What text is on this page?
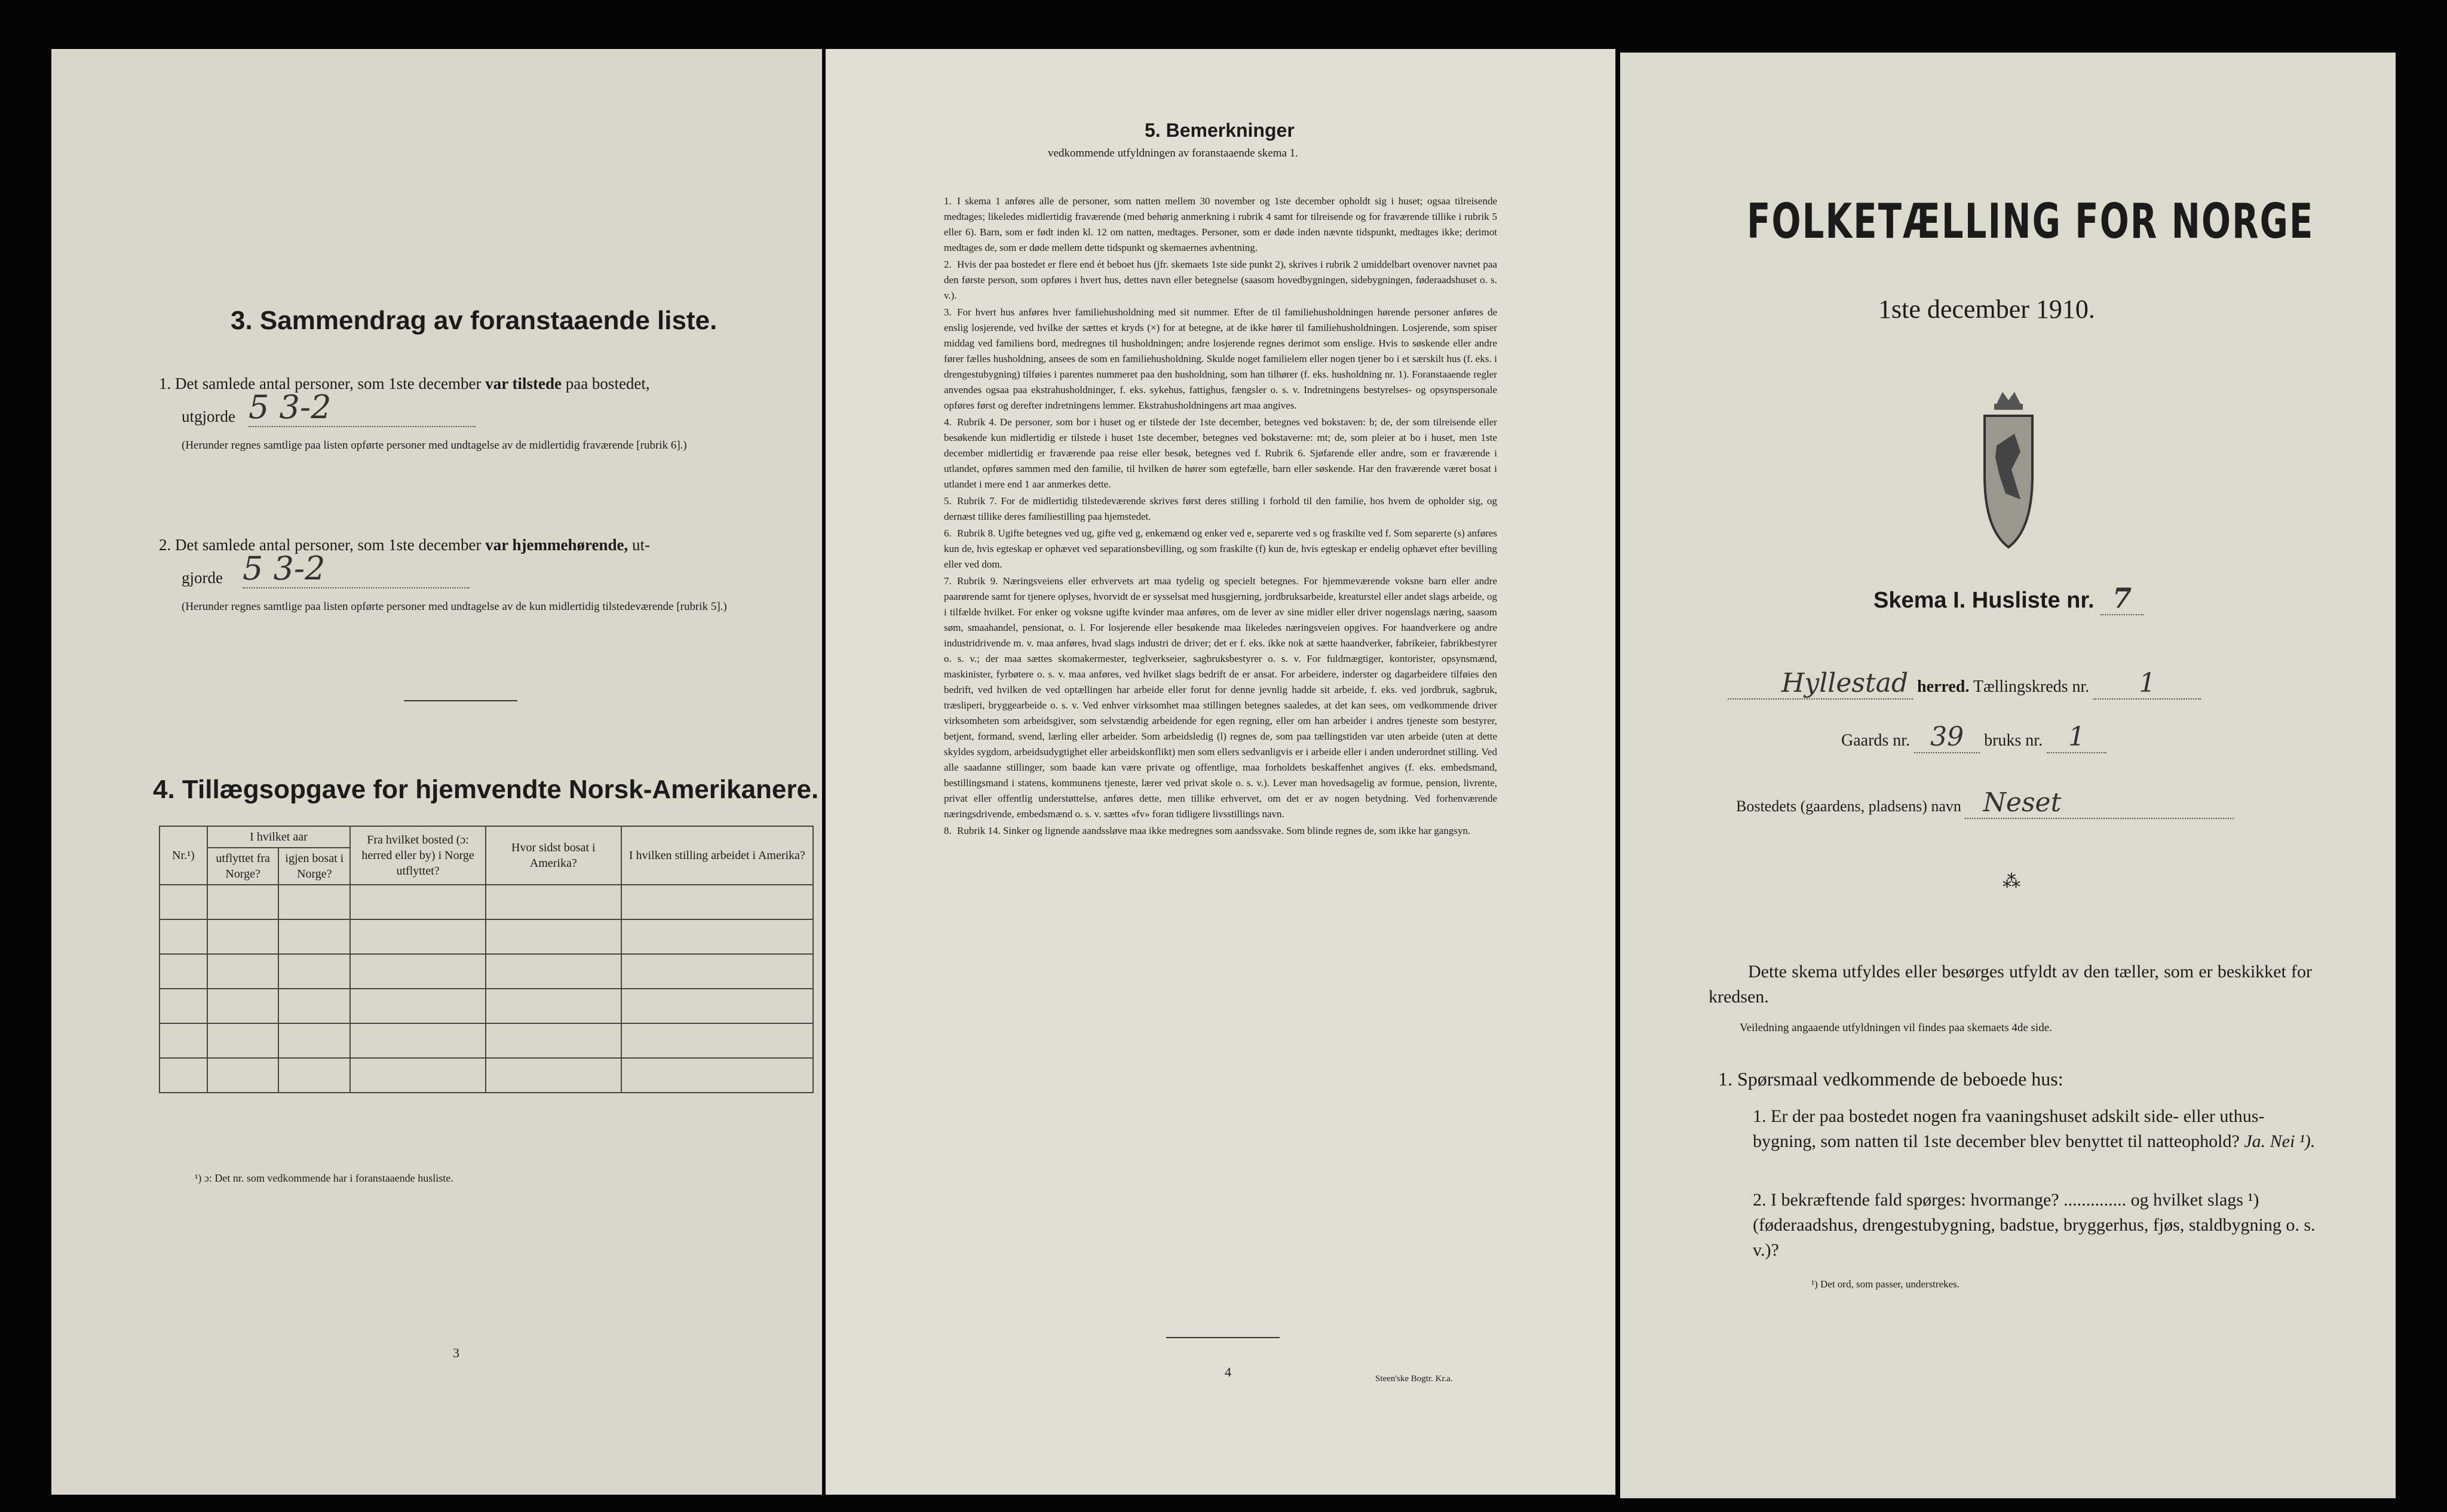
3. Sammendrag av foranstaaende liste.
1. Det samlede antal personer, som 1ste december var tilstede paa bostedet,
utgjorde 5 3-2
(Herunder regnes samtlige paa listen opførte personer med undtagelse av de midlertidig fraværende [rubrik 6].)
2. Det samlede antal personer, som 1ste december var hjemmehørende, ut-
gjorde 5 3-2
(Herunder regnes samtlige paa listen opførte personer med undtagelse av de kun midlertidig tilstedeværende [rubrik 5].)
4. Tillægsopgave for hjemvendte Norsk-Amerikanere.
Nr.¹)	I hvilket aar		Fra hvilket bosted (ɔ: herred eller by) i Norge utflyttet?	Hvor sidst bosat i Amerika?	I hvilken stilling arbeidet i Amerika?
	utflyttet fra Norge?	igjen bosat i Norge?			

¹) ɔ: Det nr. som vedkommende har i foranstaaende husliste.
3
5. Bemerkninger
vedkommende utfyldningen av foranstaaende skema 1.

1. I skema 1 anføres alle de personer, som natten mellem 30 november og 1ste december opholdt sig i huset; ogsaa tilreisende medtages; likeledes midlertidig fraværende (med behørig anmerkning i rubrik 4 samt for tilreisende og for fraværende tillike i rubrik 5 eller 6). Barn, som er født inden kl. 12 om natten, medtages. Personer, som er døde inden nævnte tidspunkt, medtages ikke; derimot medtages de, som er døde mellem dette tidspunkt og skemaernes avhentning.

2. Hvis der paa bostedet er flere end ét beboet hus (jfr. skemaets 1ste side punkt 2), skrives i rubrik 2 umiddelbart ovenover navnet paa den første person, som opføres i hvert hus, dettes navn eller betegnelse (saasom hovedbygningen, sidebygningen, føderaadshuset o. s. v.).

3. For hvert hus anføres hver familiehusholdning med sit nummer. Efter de til familiehusholdningen hørende personer anføres de enslig losjerende, ved hvilke der sættes et kryds (×) for at betegne, at de ikke hører til familiehusholdningen. Losjerende, som spiser middag ved familiens bord, medregnes til husholdningen; andre losjerende regnes derimot som enslige. Hvis to søskende eller andre fører fælles husholdning, ansees de som en familiehusholdning. Skulde noget familielem eller nogen tjener bo i et særskilt hus (f. eks. i drengestubygning) tilføies i parentes nummeret paa den husholdning, som han tilhører (f. eks. husholdning nr. 1). Foranstaaende regler anvendes ogsaa paa ekstrahusholdninger, f. eks. sykehus, fattighus, fængsler o. s. v. Indretningens bestyrelses- og opsynspersonale opføres først og derefter indretningens lemmer. Ekstrahusholdningens art maa angives.

4. Rubrik 4. De personer, som bor i huset og er tilstede der 1ste december, betegnes ved bokstaven: b; de, der som tilreisende eller besøkende kun midlertidig er tilstede i huset 1ste december, betegnes ved bokstaverne: mt; de, som pleier at bo i huset, men 1ste december midlertidig er fraværende paa reise eller besøk, betegnes ved f. Rubrik 6. Sjøfarende eller andre, som er fraværende i utlandet, opføres sammen med den familie, til hvilken de hører som egtefælle, barn eller søskende. Har den fraværende været bosat i utlandet i mere end 1 aar anmerkes dette.

5. Rubrik 7. For de midlertidig tilstedeværende skrives først deres stilling i forhold til den familie, hos hvem de opholder sig, og dernæst tillike deres familiestilling paa hjemstedet.

6. Rubrik 8. Ugifte betegnes ved ug, gifte ved g, enkemænd og enker ved e, separerte ved s og fraskilte ved f. Som separerte (s) anføres kun de, hvis egteskap er ophævet ved separationsbevilling, og som fraskilte (f) kun de, hvis egteskap er endelig ophævet efter bevilling eller ved dom.

7. Rubrik 9. Næringsveiens eller erhvervets art maa tydelig og specielt betegnes. For hjemmeværende voksne barn eller andre paarørende samt for tjenere oplyses, hvorvidt de er sysselsat med husgjerning, jordbruksarbeide, kreaturstel eller andet slags arbeide, og i tilfælde hvilket. For enker og voksne ugifte kvinder maa anføres, om de lever av sine midler eller driver nogenslags næring, saasom søm, smaahandel, pensionat, o. l. For losjerende eller besøkende maa likeledes næringsveien opgives. For haandverkere og andre industridrivende m. v. maa anføres, hvad slags industri de driver; det er f. eks. ikke nok at sætte haandverker, fabrikeier, fabrikbestyrer o. s. v.; der maa sættes skomakermester, teglverkseier, sagbruksbestyrer o. s. v. For fuldmægtiger, kontorister, opsynsmænd, maskinister, fyrbøtere o. s. v. maa anføres, ved hvilket slags bedrift de er ansat. For arbeidere, inderster og dagarbeidere tilføies den bedrift, ved hvilken de ved optællingen har arbeide eller forut for denne jevnlig hadde sit arbeide, f. eks. ved jordbruk, sagbruk, træsliperi, bryggearbeide o. s. v. Ved enhver virksomhet maa stillingen betegnes saaledes, at det kan sees, om vedkommende driver virksomheten som arbeidsgiver, som selvstændig arbeidende for egen regning, eller om han arbeider i andres tjeneste som bestyrer, betjent, formand, svend, lærling eller arbeider. Som arbeidsledig (l) regnes de, som paa tællingstiden var uten arbeide (uten at dette skyldes sygdom, arbeidsudygtighet eller arbeidskonflikt) men som ellers sedvanligvis er i arbeide eller i anden underordnet stilling. Ved alle saadanne stillinger, som baade kan være private og offentlige, maa forholdets beskaffenhet angives (f. eks. embedsmand, bestillingsmand i statens, kommunens tjeneste, lærer ved privat skole o. s. v.). Lever man hovedsagelig av formue, pension, livrente, privat eller offentlig understøttelse, anføres dette, men tillike erhvervet, om det er av nogen betydning. Ved forhenværende næringsdrivende, embedsmænd o. s. v. sættes «fv» foran tidligere livsstillings navn.

8. Rubrik 14. Sinker og lignende aandssløve maa ikke medregnes som aandssvake. Som blinde regnes de, som ikke har gangsyn.

4	Steen'ske Bogtr. Kr.a.
FOLKETÆLLING FOR NORGE
1ste december 1910.
Skema I. Husliste nr. 7
Hyllestad herred. Tællingskreds nr. 1
Gaards nr. 39 bruks nr. 1
Bostedets (gaardens, pladsens) navn Neset
⁂
Dette skema utfyldes eller besørges utfyldt av den tæller, som er beskikket for kredsen.
Veiledning angaaende utfyldningen vil findes paa skemaets 4de side.
1. Spørsmaal vedkommende de beboede hus:
1. Er der paa bostedet nogen fra vaaningshuset adskilt side- eller uthus-bygning, som natten til 1ste december blev benyttet til natteophold? Ja. Nei ¹).
2. I bekræftende fald spørges: hvormange? .............. og hvilket slags ¹) (føderaadshus, drengestubygning, badstue, bryggerhus, fjøs, staldbygning o. s. v.)?
¹) Det ord, som passer, understrekes.
